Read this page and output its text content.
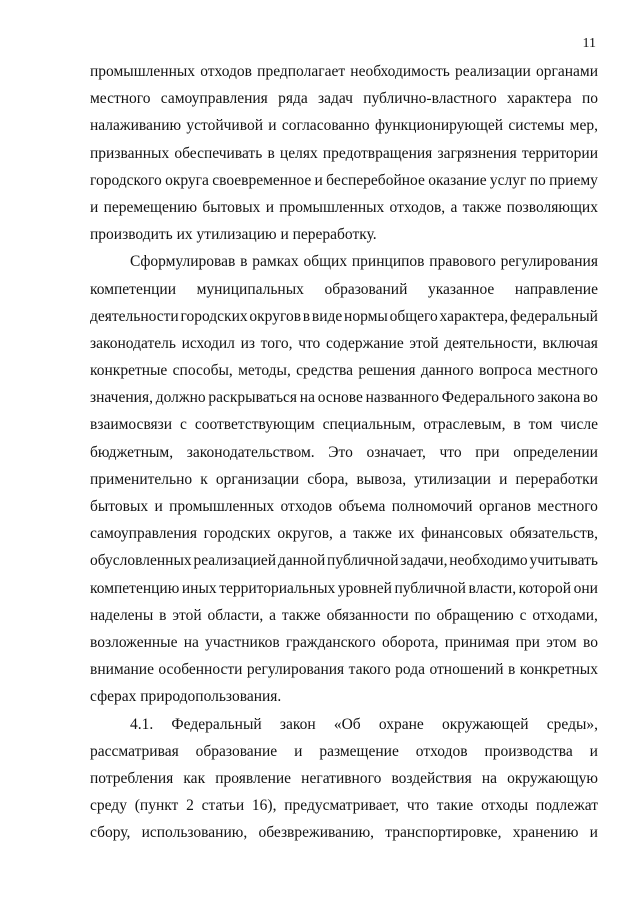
11
промышленных отходов предполагает необходимость реализации органами
местного самоуправления ряда задач публично-властного характера по
налаживанию устойчивой и согласованно функционирующей системы мер,
призванных обеспечивать в целях предотвращения загрязнения территории
городского округа своевременное и бесперебойное оказание услуг по приему
и перемещению бытовых и промышленных отходов, а также позволяющих
производить их утилизацию и переработку.
Сформулировав в рамках общих принципов правового регулирования
компетенции муниципальных образований указанное направление
деятельности городских округов в виде нормы общего характера, федеральный
законодатель исходил из того, что содержание этой деятельности, включая
конкретные способы, методы, средства решения данного вопроса местного
значения, должно раскрываться на основе названного Федерального закона во
взаимосвязи с соответствующим специальным, отраслевым, в том числе
бюджетным, законодательством. Это означает, что при определении
применительно к организации сбора, вывоза, утилизации и переработки
бытовых и промышленных отходов объема полномочий органов местного
самоуправления городских округов, а также их финансовых обязательств,
обусловленных реализацией данной публичной задачи, необходимо учитывать
компетенцию иных территориальных уровней публичной власти, которой они
наделены в этой области, а также обязанности по обращению с отходами,
возложенные на участников гражданского оборота, принимая при этом во
внимание особенности регулирования такого рода отношений в конкретных
сферах природопользования.
4.1. Федеральный закон «Об охране окружающей среды»,
рассматривая образование и размещение отходов производства и
потребления как проявление негативного воздействия на окружающую
среду (пункт 2 статьи 16), предусматривает, что такие отходы подлежат
сбору, использованию, обезвреживанию, транспортировке, хранению и
